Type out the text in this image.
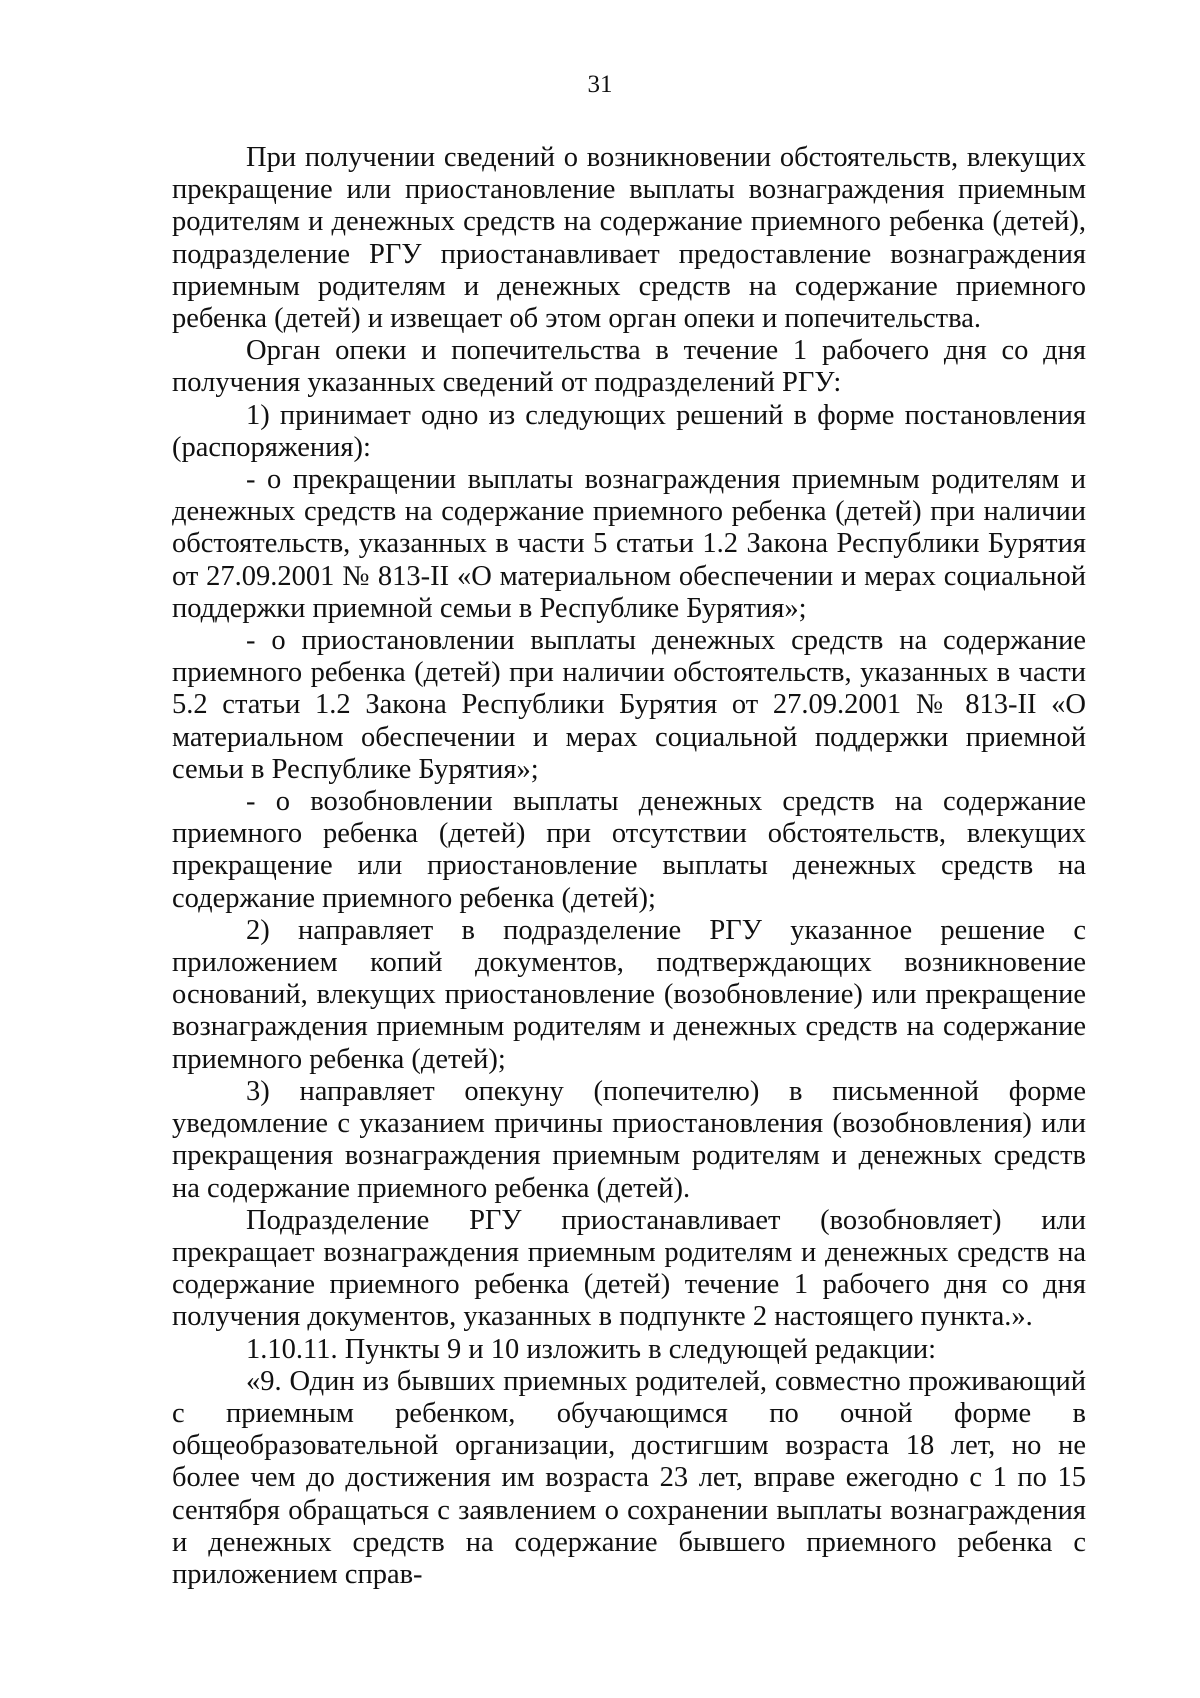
31

При получении сведений о возникновении обстоятельств, влекущих прекращение или приостановление выплаты вознаграждения приемным родителям и денежных средств на содержание приемного ребенка (детей), подразделение РГУ приостанавливает предоставление вознаграждения приемным родителям и денежных средств на содержание приемного ребенка (детей) и извещает об этом орган опеки и попечительства.

Орган опеки и попечительства в течение 1 рабочего дня со дня получения указанных сведений от подразделений РГУ:

1) принимает одно из следующих решений в форме постановления (распоряжения):

- о прекращении выплаты вознаграждения приемным родителям и денежных средств на содержание приемного ребенка (детей) при наличии обстоятельств, указанных в части 5 статьи 1.2 Закона Республики Бурятия от 27.09.2001 № 813-II «О материальном обеспечении и мерах социальной поддержки приемной семьи в Республике Бурятия»;

- о приостановлении выплаты денежных средств на содержание приемного ребенка (детей) при наличии обстоятельств, указанных в части 5.2 статьи 1.2 Закона Республики Бурятия от 27.09.2001 № 813-II «О материальном обеспечении и мерах социальной поддержки приемной семьи в Республике Бурятия»;

- о возобновлении выплаты денежных средств на содержание приемного ребенка (детей) при отсутствии обстоятельств, влекущих прекращение или приостановление выплаты денежных средств на содержание приемного ребенка (детей);

2) направляет в подразделение РГУ указанное решение с приложением копий документов, подтверждающих возникновение оснований, влекущих приостановление (возобновление) или прекращение вознаграждения приемным родителям и денежных средств на содержание приемного ребенка (детей);

3) направляет опекуну (попечителю) в письменной форме уведомление с указанием причины приостановления (возобновления) или прекращения вознаграждения приемным родителям и денежных средств на содержание приемного ребенка (детей).

Подразделение РГУ приостанавливает (возобновляет) или прекращает вознаграждения приемным родителям и денежных средств на содержание приемного ребенка (детей) течение 1 рабочего дня со дня получения документов, указанных в подпункте 2 настоящего пункта.».

1.10.11. Пункты 9 и 10 изложить в следующей редакции:

«9. Один из бывших приемных родителей, совместно проживающий с приемным ребенком, обучающимся по очной форме в общеобразовательной организации, достигшим возраста 18 лет, но не более чем до достижения им возраста 23 лет, вправе ежегодно с 1 по 15 сентября обращаться с заявлением о сохранении выплаты вознаграждения и денежных средств на содержание бывшего приемного ребенка с приложением справ-
